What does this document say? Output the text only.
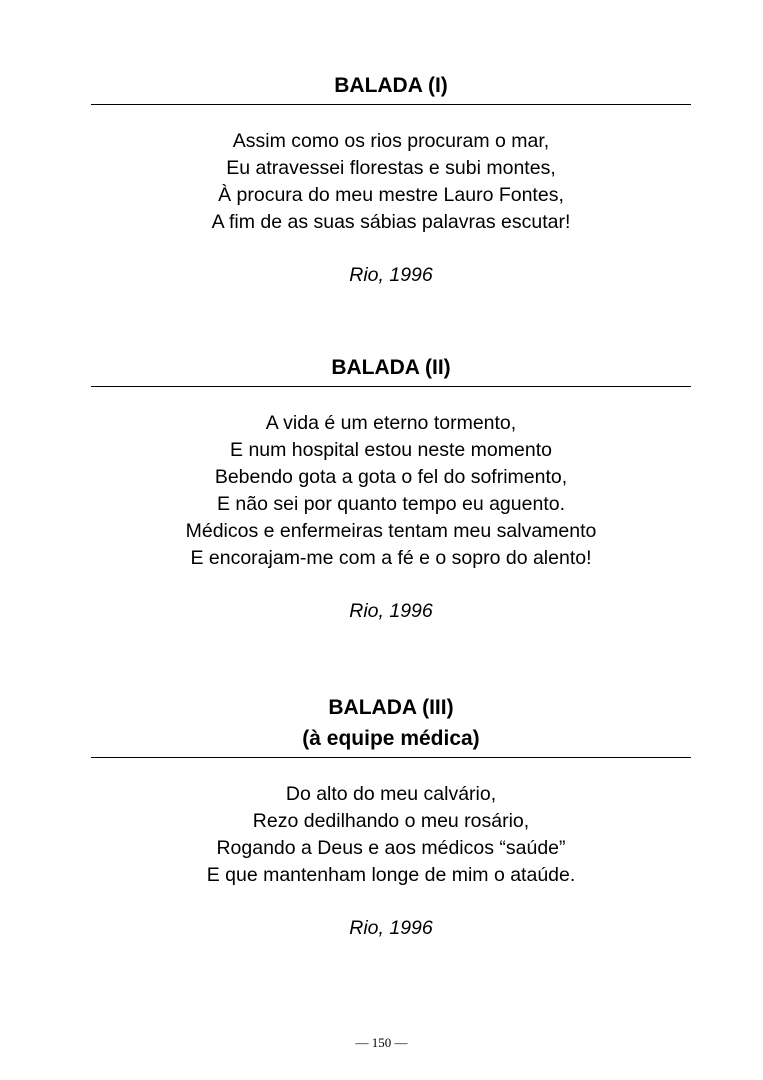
BALADA (I)
Assim como os rios procuram o mar,
Eu atravessei florestas e subi montes,
À procura do meu mestre Lauro Fontes,
A fim de as suas sábias palavras escutar!
Rio, 1996
BALADA (II)
A vida é um eterno tormento,
E num hospital estou neste momento
Bebendo gota a gota o fel do sofrimento,
E não sei por quanto tempo eu aguento.
Médicos e enfermeiras tentam meu salvamento
E encorajam-me com a fé e o sopro do alento!
Rio, 1996
BALADA (III)
(à equipe médica)
Do alto do meu calvário,
Rezo dedilhando o meu rosário,
Rogando a Deus e aos médicos “saúde”
E que mantenham longe de mim o ataúde.
Rio, 1996
— 150 —
